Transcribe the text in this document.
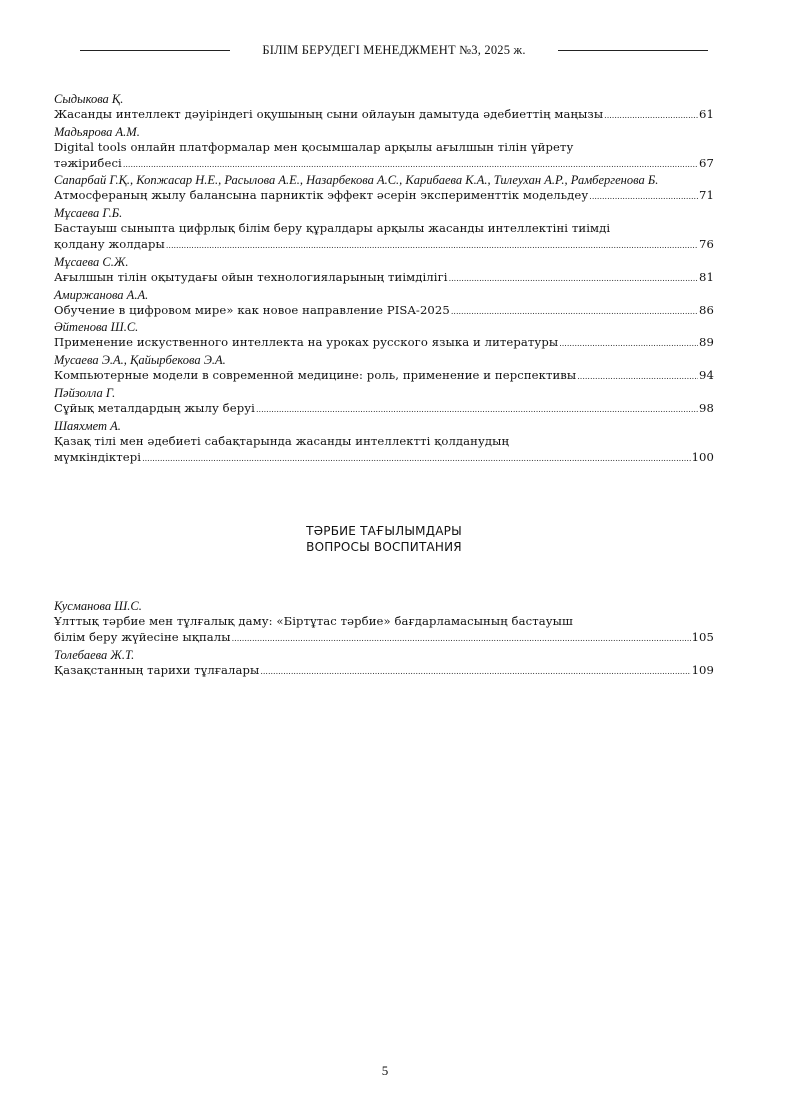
БІЛІМ БЕРУДЕГІ МЕНЕДЖМЕНТ №3, 2025 ж.
Сыдыкова Қ.
Жасанды интеллект дәуіріндегі оқушының сыни ойлауын дамытуда әдебиеттің маңызы .....	61
Мадьярова А.М.
Digital tools онлайн платформалар мен қосымшалар арқылы ағылшын тілін үйрету
тәжірибесі .....	67
Сапарбай Г.Қ., Копжасар Н.Е., Расылова А.Е., Назарбекова А.С., Карибаева К.А., Тилеухан А.Р., Рамбергенова Б.
Атмосфераның жылу балансына парниктік эффект әсерін эксперименттік модельдеу .....	71
Мұсаева Г.Б.
Бастауыш сыныпта цифрлық білім беру құралдары арқылы жасанды интеллектіні тиімді
қолдану жолдары .....	76
Мұсаева С.Ж.
Ағылшын тілін оқытудағы ойын технологияларының тиімділігі .....	81
Амиржанова А.А.
Обучение в цифровом мире» как новое направление PISA-2025 .....	86
Әйтенова Ш.С.
Применение искуственного интеллекта на уроках русского языка и литературы .....	89
Мусаева Э.А., Қайырбекова Э.А.
Компьютерные модели в современной медицине: роль, применение и перспективы .....	94
Пәйзолла Г.
Сұйық металдардың жылу беруі .....	98
Шаяхмет А.
Қазақ тілі мен әдебиеті сабақтарында жасанды интеллектті қолданудың
мүмкіндіктері .....	100
ТӘРБИЕ ТАҒЫЛЫМДАРЫ
ВОПРОСЫ ВОСПИТАНИЯ
Кусманова Ш.С.
Ұлттық тәрбие мен тұлғалық даму: «Біртұтас тәрбие» бағдарламасының бастауыш
білім беру жүйесіне ықпалы .....	105
Толебаева Ж.Т.
Қазақстанның тарихи тұлғалары .....	109
5
